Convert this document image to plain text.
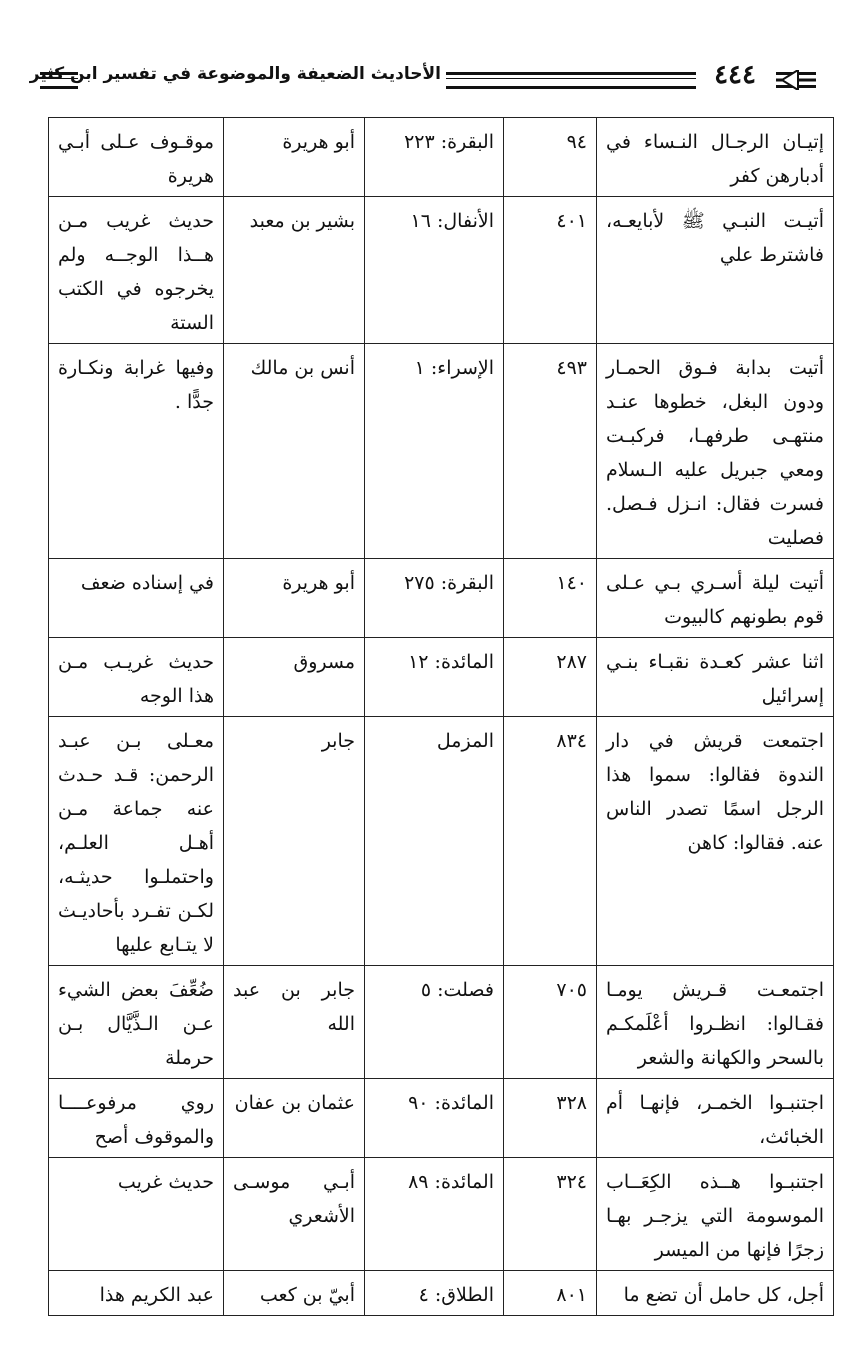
٤٤٤
الأحاديث الضعيفة والموضوعة في تفسير ابن كثير
إتيـان الرجـال النـساء في أدبارهن كفر	٩٤	البقرة: ٢٢٣	أبو هريرة	موقـوف عـلى أبـي هريرة
أتيـت النبـي ﷺ لأبايعـه، فاشترط علي	٤٠١	الأنفال: ١٦	بشير بن معبد	حديث غريب مـن هــذا الوجــه ولم يخرجوه في الكتب الستة
أتيت بدابة فـوق الحمـار ودون البغل، خطوها عنـد منتهـى طرفهـا، فركبـت ومعي جبريل عليه الـسلام فسرت فقال: انـزل فـصل. فصليت	٤٩٣	الإسراء: ١	أنس بن مالك	وفيها غرابة ونكـارة جدًّا .
أتيت ليلة أسـري بـي عـلى قوم بطونهم كالبيوت	١٤٠	البقرة: ٢٧٥	أبو هريرة	في إسناده ضعف
اثنا عشر كعـدة نقبـاء بنـي إسرائيل	٢٨٧	المائدة: ١٢	مسروق	حديث غريـب مـن هذا الوجه
اجتمعت قريش في دار الندوة فقالوا: سموا هذا الرجل اسمًا تصدر الناس عنه. فقالوا: كاهن	٨٣٤	المزمل	جابر	معـلى بـن عبـد الرحمن: قـد حـدث عنه جماعة مـن أهـل العلـم، واحتملـوا حديثـه، لكـن تفـرد بأحاديـث لا يتـابع عليها
اجتمعـت قـريش يومـا فقـالوا: انظـروا أعْلَمكـم بالسحر والكهانة والشعر	٧٠٥	فصلت: ٥	جابر بن عبد الله	ضُعِّفَ بعض الشيء عـن الـذَّيَّال بـن حرملة
اجتنبـوا الخمـر، فإنهـا أم الخبائث،	٣٢٨	المائدة: ٩٠	عثمان بن عفان	روي مرفوعــــا والموقوف أصح
اجتنبـوا هــذه الكِعَــاب الموسومة التي يزجـر بهـا زجرًا فإنها من الميسر	٣٢٤	المائدة: ٨٩	أبـي موسـى الأشعري	حديث غريب
أجل، كل حامل أن تضع ما	٨٠١	الطلاق: ٤	أبيّ بن كعب	عبد الكريم هذا
